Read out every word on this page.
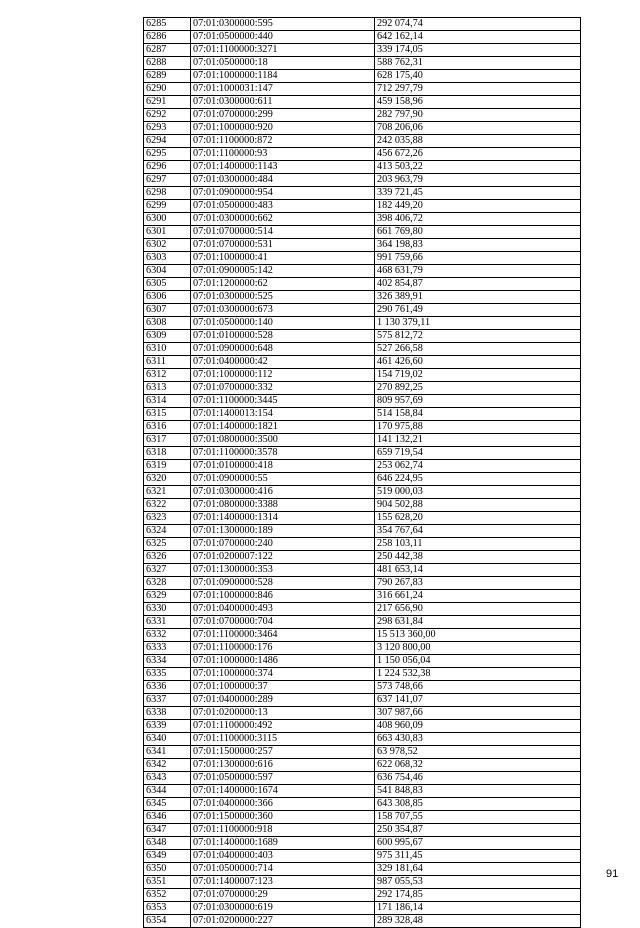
6285	07:01:0300000:595	292 074,74
6286	07:01:0500000:440	642 162,14
6287	07:01:1100000:3271	339 174,05
6288	07:01:0500000:18	588 762,31
6289	07:01:1000000:1184	628 175,40
6290	07:01:1000031:147	712 297,79
6291	07:01:0300000:611	459 158,96
6292	07:01:0700000:299	282 797,90
6293	07:01:1000000:920	708 206,06
6294	07:01:1100000:872	242 035,88
6295	07:01:1100000:93	456 672,26
6296	07:01:1400000:1143	413 503,22
6297	07:01:0300000:484	203 963,79
6298	07:01:0900000:954	339 721,45
6299	07:01:0500000:483	182 449,20
6300	07:01:0300000:662	398 406,72
6301	07:01:0700000:514	661 769,80
6302	07:01:0700000:531	364 198,83
6303	07:01:1000000:41	991 759,66
6304	07:01:0900005:142	468 631,79
6305	07:01:1200000:62	402 854,87
6306	07:01:0300000:525	326 389,91
6307	07:01:0300000:673	290 761,49
6308	07:01:0500000:140	1 130 379,11
6309	07:01:0100000:528	575 812,72
6310	07:01:0900000:648	527 266,58
6311	07:01:0400000:42	461 426,60
6312	07:01:1000000:112	154 719,02
6313	07:01:0700000:332	270 892,25
6314	07:01:1100000:3445	809 957,69
6315	07:01:1400013:154	514 158,84
6316	07:01:1400000:1821	170 975,88
6317	07:01:0800000:3500	141 132,21
6318	07:01:1100000:3578	659 719,54
6319	07:01:0100000:418	253 062,74
6320	07:01:0900000:55	646 224,95
6321	07:01:0300000:416	519 000,03
6322	07:01:0800000:3388	904 502,88
6323	07:01:1400000:1314	155 628,20
6324	07:01:1300000:189	354 767,64
6325	07:01:0700000:240	258 103,11
6326	07:01:0200007:122	250 442,38
6327	07:01:1300000:353	481 653,14
6328	07:01:0900000:528	790 267,83
6329	07:01:1000000:846	316 661,24
6330	07:01:0400000:493	217 656,90
6331	07:01:0700000:704	298 631,84
6332	07:01:1100000:3464	15 513 360,00
6333	07:01:1100000:176	3 120 800,00
6334	07:01:1000000:1486	1 150 056,04
6335	07:01:1000000:374	1 224 532,38
6336	07:01:1000000:37	573 748,66
6337	07:01:0400000:289	637 141,07
6338	07:01:0200000:13	307 987,66
6339	07:01:1100000:492	408 960,09
6340	07:01:1100000:3115	663 430,83
6341	07:01:1500000:257	63 978,52
6342	07:01:1300000:616	622 068,32
6343	07:01:0500000:597	636 754,46
6344	07:01:1400000:1674	541 848,83
6345	07:01:0400000:366	643 308,85
6346	07:01:1500000:360	158 707,55
6347	07:01:1100000:918	250 354,87
6348	07:01:1400000:1689	600 995,67
6349	07:01:0400000:403	975 311,45
6350	07:01:0500000:714	329 181,64
6351	07:01:1400007:123	987 055,53
6352	07:01:0700000:29	292 174,85
6353	07:01:0300000:619	171 186,14
6354	07:01:0200000:227	289 328,48
91
